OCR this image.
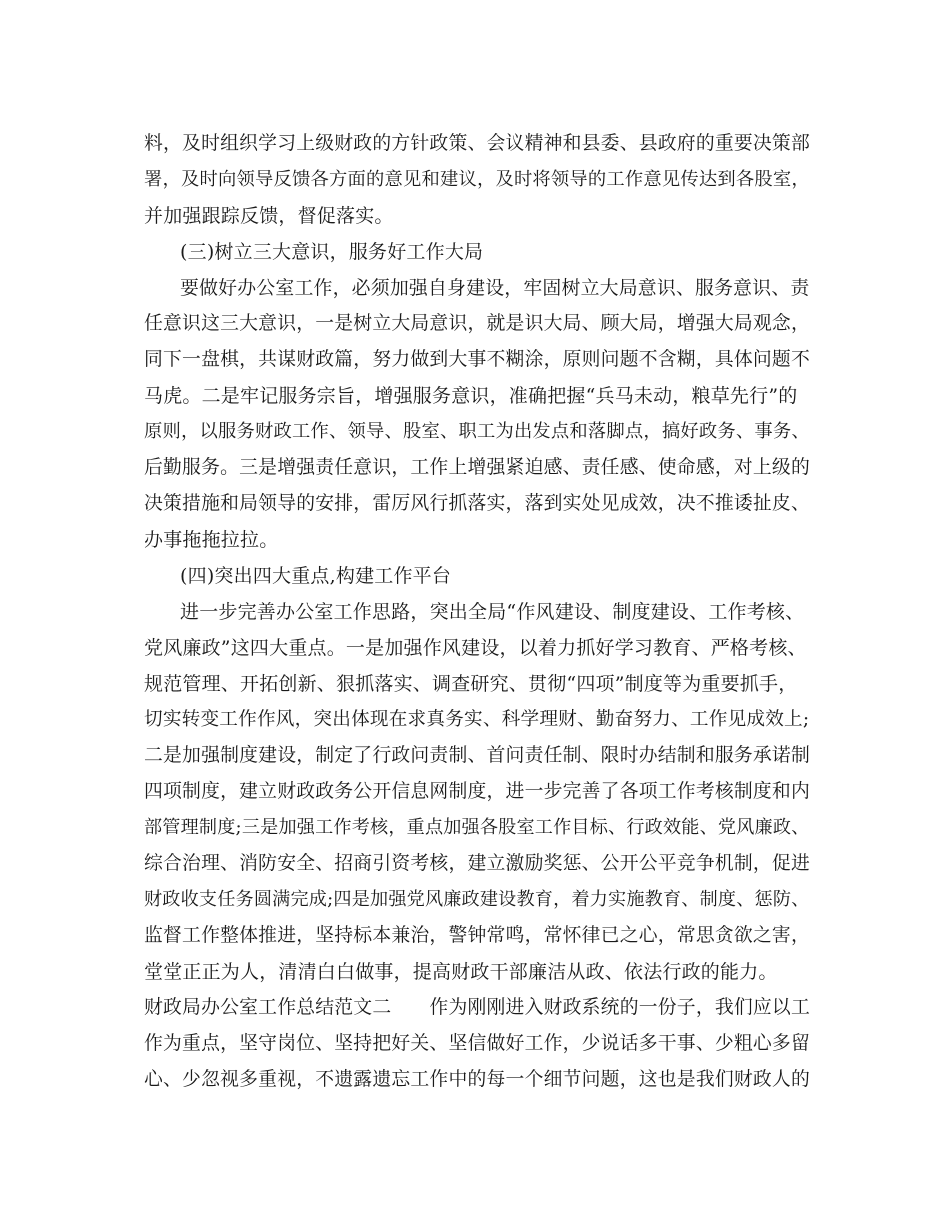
料，及时组织学习上级财政的方针政策、会议精神和县委、县政府的重要决策部
署，及时向领导反馈各方面的意见和建议，及时将领导的工作意见传达到各股室，
并加强跟踪反馈，督促落实。
(三)树立三大意识，服务好工作大局
要做好办公室工作，必须加强自身建设，牢固树立大局意识、服务意识、责
任意识这三大意识，一是树立大局意识，就是识大局、顾大局，增强大局观念，
同下一盘棋，共谋财政篇，努力做到大事不糊涂，原则问题不含糊，具体问题不
马虎。二是牢记服务宗旨，增强服务意识，准确把握“兵马未动，粮草先行”的
原则，以服务财政工作、领导、股室、职工为出发点和落脚点，搞好政务、事务、
后勤服务。三是增强责任意识，工作上增强紧迫感、责任感、使命感，对上级的
决策措施和局领导的安排，雷厉风行抓落实，落到实处见成效，决不推诿扯皮、
办事拖拖拉拉。
(四)突出四大重点,构建工作平台
进一步完善办公室工作思路，突出全局“作风建设、制度建设、工作考核、
党风廉政”这四大重点。一是加强作风建设，以着力抓好学习教育、严格考核、
规范管理、开拓创新、狠抓落实、调查研究、贯彻“四项”制度等为重要抓手，
切实转变工作作风，突出体现在求真务实、科学理财、勤奋努力、工作见成效上;
二是加强制度建设，制定了行政问责制、首问责任制、限时办结制和服务承诺制
四项制度，建立财政政务公开信息网制度，进一步完善了各项工作考核制度和内
部管理制度;三是加强工作考核，重点加强各股室工作目标、行政效能、党风廉政、
综合治理、消防安全、招商引资考核，建立激励奖惩、公开公平竞争机制，促进
财政收支任务圆满完成;四是加强党风廉政建设教育，着力实施教育、制度、惩防、
监督工作整体推进，坚持标本兼治，警钟常鸣，常怀律已之心，常思贪欲之害，
堂堂正正为人，清清白白做事，提高财政干部廉洁从政、依法行政的能力。
财政局办公室工作总结范文二　　作为刚刚进入财政系统的一份子，我们应以工
作为重点，坚守岗位、坚持把好关、坚信做好工作，少说话多干事、少粗心多留
心、少忽视多重视，不遗露遗忘工作中的每一个细节问题，这也是我们财政人的
